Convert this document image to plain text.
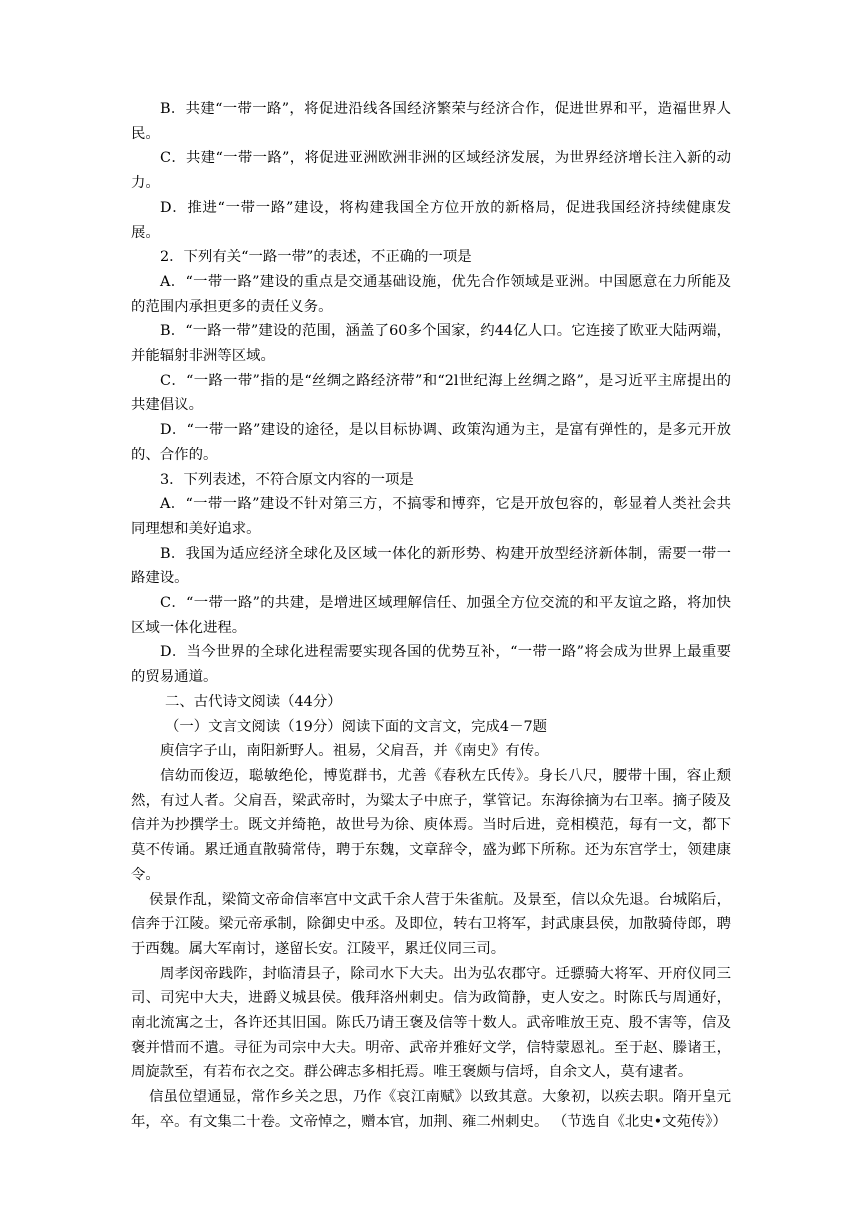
B．共建“一带一路”，将促进沿线各国经济繁荣与经济合作，促进世界和平，造福世界人民。

C．共建“一带一路”，将促进亚洲欧洲非洲的区域经济发展，为世界经济增长注入新的动力。

D．推进“一带一路”建设，将构建我国全方位开放的新格局，促进我国经济持续健康发展。

2．下列有关“一路一带”的表述，不正确的一项是

A．“一带一路”建设的重点是交通基础设施，优先合作领域是亚洲。中国愿意在力所能及的范围内承担更多的责任义务。

B．“一路一带”建设的范围，涵盖了60多个国家，约44亿人口。它连接了欧亚大陆两端，并能辐射非洲等区域。

C．“一路一带”指的是“丝绸之路经济带”和“2l世纪海上丝绸之路”，是习近平主席提出的共建倡议。

D．“一带一路”建设的途径，是以目标协调、政策沟通为主，是富有弹性的，是多元开放的、合作的。

3．下列表述，不符合原文内容的一项是

A．“一带一路”建设不针对第三方，不搞零和博弈，它是开放包容的，彰显着人类社会共同理想和美好追求。

B．我国为适应经济全球化及区域一体化的新形势、构建开放型经济新体制，需要一带一路建设。

C．“一带一路”的共建，是增进区域理解信任、加强全方位交流的和平友谊之路，将加快区域一体化进程。

D．当今世界的全球化进程需要实现各国的优势互补，“一带一路”将会成为世界上最重要的贸易通道。

二、古代诗文阅读（44分）

（一）文言文阅读（19分）阅读下面的文言文，完成4－7题

庾信字子山，南阳新野人。祖易，父肩吾，并《南史》有传。

信幼而俊迈，聪敏绝伦，博览群书，尤善《春秋左氏传》。身长八尺，腰带十围，容止颓然，有过人者。父肩吾，梁武帝时，为粱太子中庶子，掌管记。东海徐摘为右卫率。摘子陵及信并为抄撰学士。既文并绮艳，故世号为徐、庾体焉。当时后进，竞相模范，每有一文，都下莫不传诵。累迁通直散骑常侍，聘于东魏，文章辞令，盛为邺下所称。还为东宫学士，领建康令。

侯景作乱，梁简文帝命信率宫中文武千余人营于朱雀航。及景至，信以众先退。台城陷后，信奔于江陵。梁元帝承制，除御史中丞。及即位，转右卫将军，封武康县侯，加散骑侍郎，聘于西魏。属大军南讨，遂留长安。江陵平，累迁仪同三司。

周孝闵帝践阼，封临清县子，除司水下大夫。出为弘农郡守。迁骠骑大将军、开府仪同三司、司宪中大夫，进爵义城县侯。俄拜洛州刺史。信为政简静，吏人安之。时陈氏与周通好，南北流寓之士，各许还其旧国。陈氏乃请王褒及信等十数人。武帝唯放王克、殷不害等，信及褒并惜而不遣。寻征为司宗中大夫。明帝、武帝并雅好文学，信特蒙恩礼。至于赵、滕诸王，周旋款至，有若布衣之交。群公碑志多相托焉。唯王褒颇与信埒，自余文人，莫有逮者。

信虽位望通显，常作乡关之思，乃作《哀江南赋》以致其意。大象初，以疾去职。隋开皇元年，卒。有文集二十卷。文帝悼之，赠本官，加荆、雍二州刺史。 （节选自《北史•文苑传》）
